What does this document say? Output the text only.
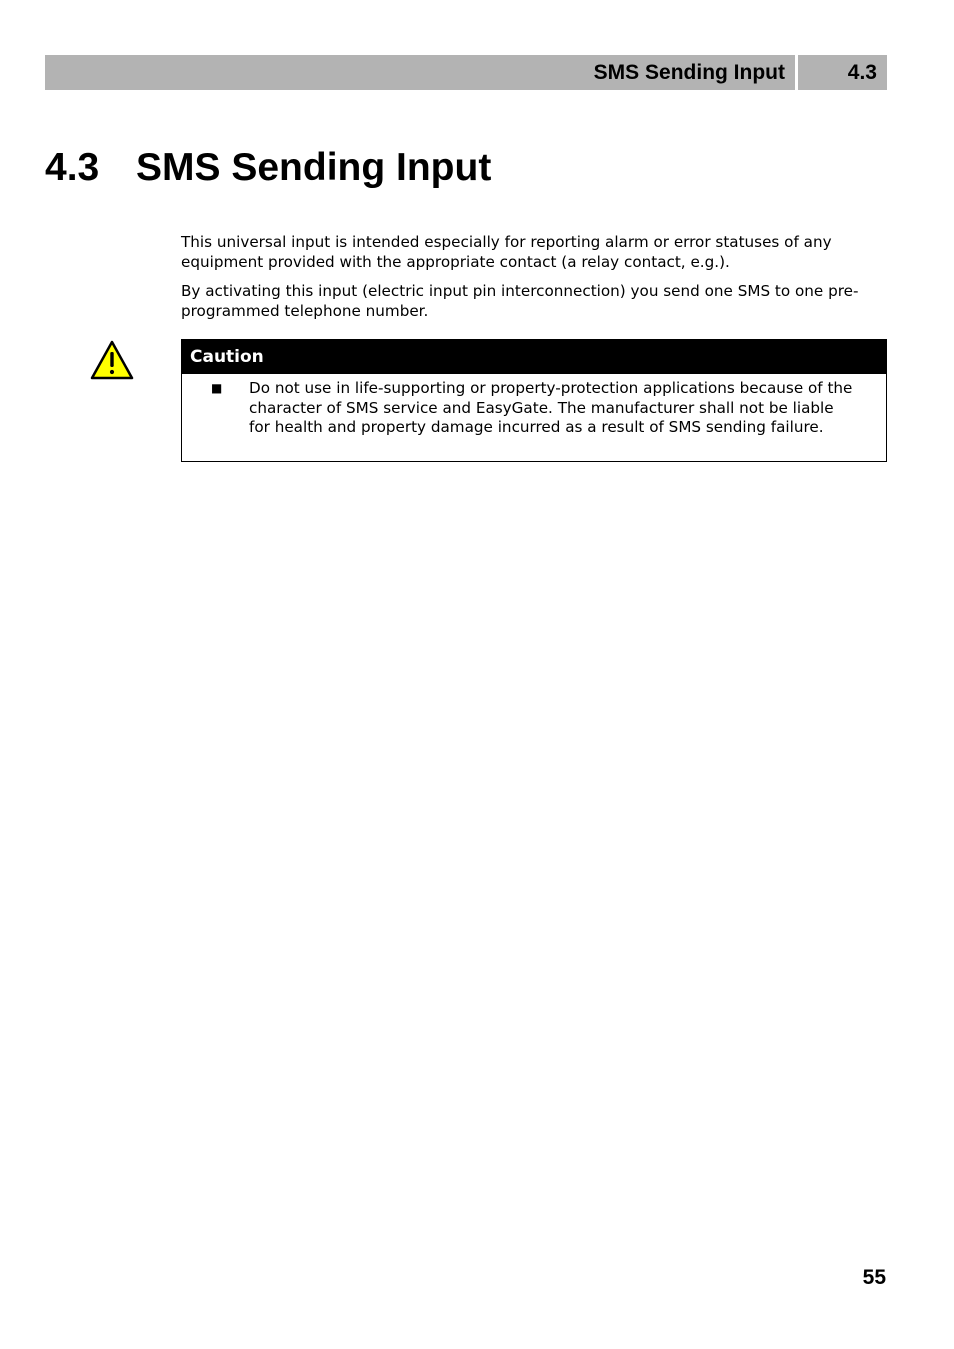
SMS Sending Input	4.3
4.3 SMS Sending Input

This universal input is intended especially for reporting alarm or error statuses of any equipment provided with the appropriate contact (a relay contact, e.g.).

By activating this input (electric input pin interconnection) you send one SMS to one pre-programmed telephone number.

Caution
■ Do not use in life-supporting or property-protection applications because of the character of SMS service and EasyGate. The manufacturer shall not be liable for health and property damage incurred as a result of SMS sending failure.
55
